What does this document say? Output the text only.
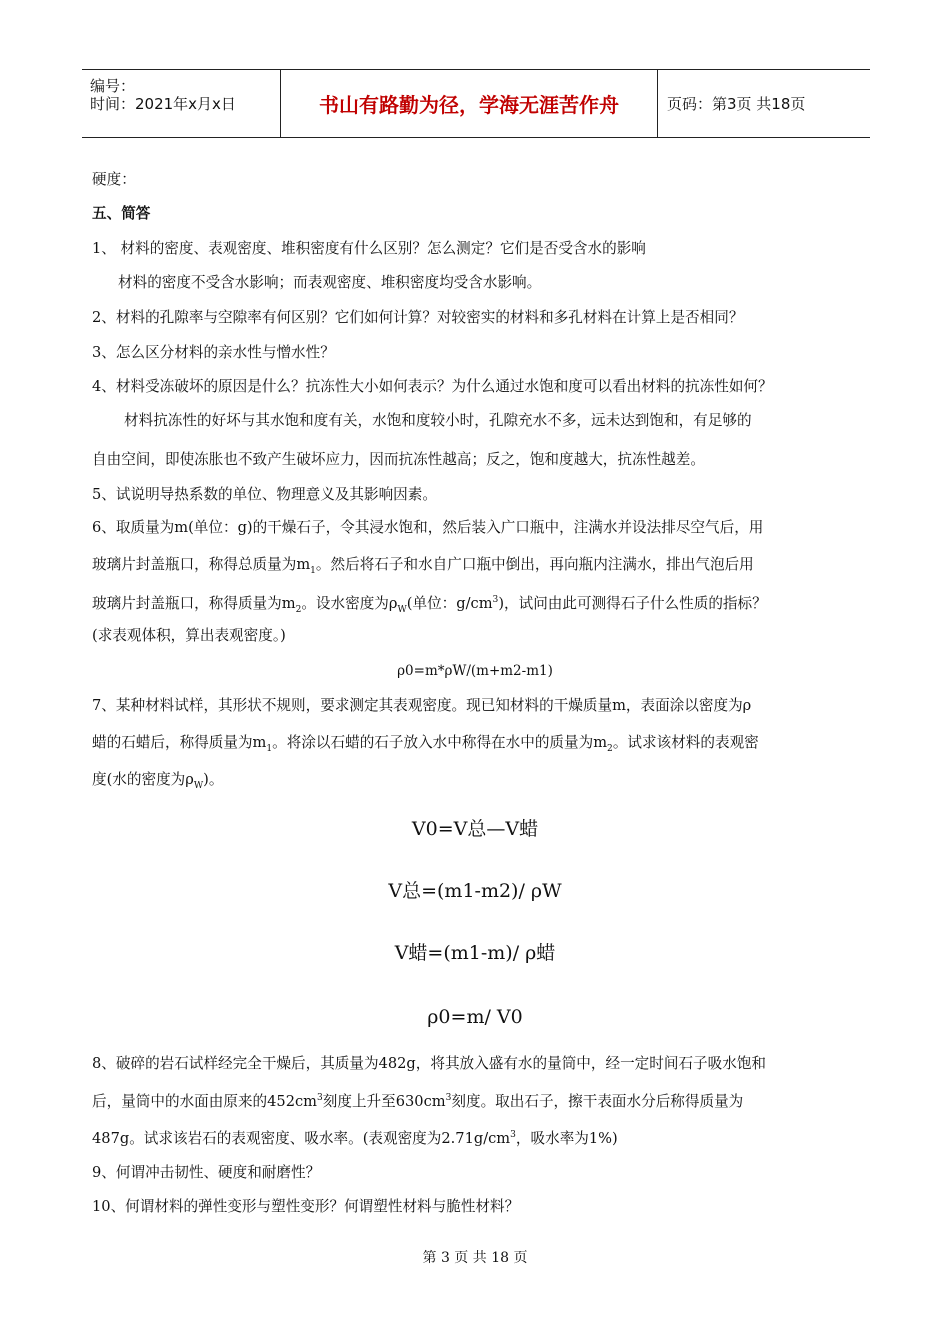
编号：
时间：2021年x月x日	书山有路勤为径，学海无涯苦作舟	页码：第3页 共18页
硬度：
五、简答
1、 材料的密度、表观密度、堆积密度有什么区别？怎么测定？它们是否受含水的影响
材料的密度不受含水影响；而表观密度、堆积密度均受含水影响。
2、材料的孔隙率与空隙率有何区别？它们如何计算？对较密实的材料和多孔材料在计算上是否相同？
3、怎么区分材料的亲水性与憎水性？
4、材料受冻破坏的原因是什么？抗冻性大小如何表示？为什么通过水饱和度可以看出材料的抗冻性如何？
材料抗冻性的好坏与其水饱和度有关，水饱和度较小时，孔隙充水不多，远未达到饱和，有足够的
自由空间，即使冻胀也不致产生破坏应力，因而抗冻性越高；反之，饱和度越大，抗冻性越差。
5、试说明导热系数的单位、物理意义及其影响因素。
6、取质量为m(单位：g)的干燥石子，令其浸水饱和，然后装入广口瓶中，注满水并设法排尽空气后，用
玻璃片封盖瓶口，称得总质量为$m_1$。然后将石子和水自广口瓶中倒出，再向瓶内注满水，排出气泡后用
玻璃片封盖瓶口，称得质量为$m_2$。设水密度为$\rho_W$(单位：$g/cm^3$)，试问由此可测得石子什么性质的指标？
(求表观体积，算出表观密度。)
ρ0=m*ρW/(m+m2-m1)
7、某种材料试样，其形状不规则，要求测定其表观密度。现已知材料的干燥质量m，表面涂以密度为ρ
蜡的石蜡后，称得质量为$m_1$。将涂以石蜡的石子放入水中称得在水中的质量为$m_2$。试求该材料的表观密
度(水的密度为$\rho_W$)。
V0=V总—V蜡
V总=(m1-m2)/ ρW
V蜡=(m1-m)/ ρ蜡
ρ0=m/ V0
8、破碎的岩石试样经完全干燥后，其质量为482g，将其放入盛有水的量筒中，经一定时间石子吸水饱和
后，量筒中的水面由原来的$452cm^3$刻度上升至$630cm^3$刻度。取出石子，擦干表面水分后称得质量为
487g。试求该岩石的表观密度、吸水率。(表观密度为$2.71g/cm^3$，吸水率为1%)
9、何谓冲击韧性、硬度和耐磨性？
10、何谓材料的弹性变形与塑性变形？何谓塑性材料与脆性材料？
第 3 页 共 18 页
